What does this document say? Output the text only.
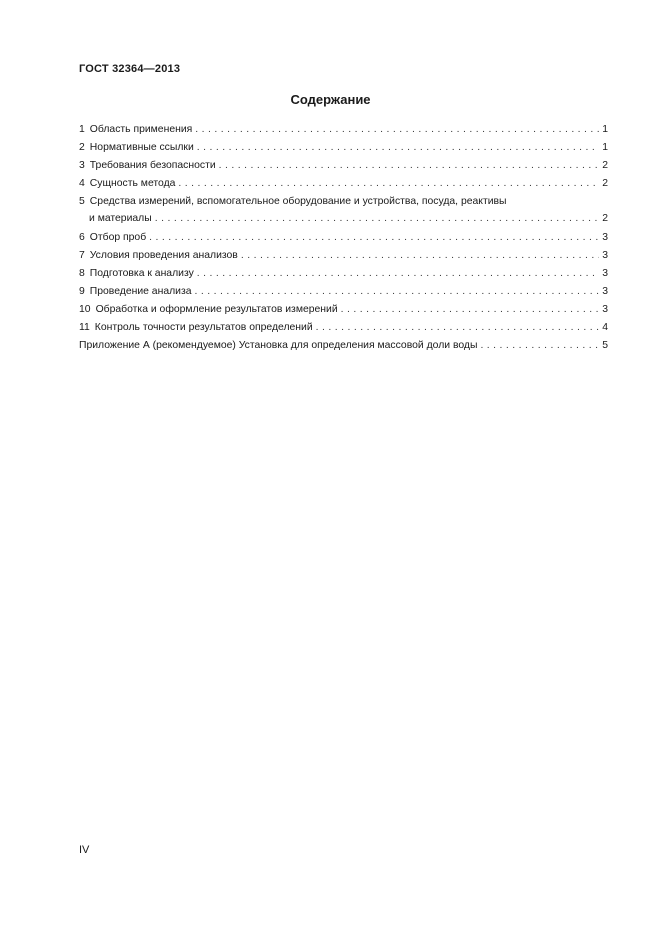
ГОСТ 32364—2013
Содержание
1 Область применения . . .	1
2 Нормативные ссылки . . .	1
3 Требования безопасности . . .	2
4 Сущность метода . . .	2
5 Средства измерений, вспомогательное оборудование и устройства, посуда, реактивы
и материалы . . .	2
6 Отбор проб . . .	3
7 Условия проведения анализов . . .	3
8 Подготовка к анализу . . .	3
9 Проведение анализа . . .	3
10 Обработка и оформление результатов измерений . . .	3
11 Контроль точности результатов определений . . .	4
Приложение А (рекомендуемое) Установка для определения массовой доли воды . . .	5
IV
